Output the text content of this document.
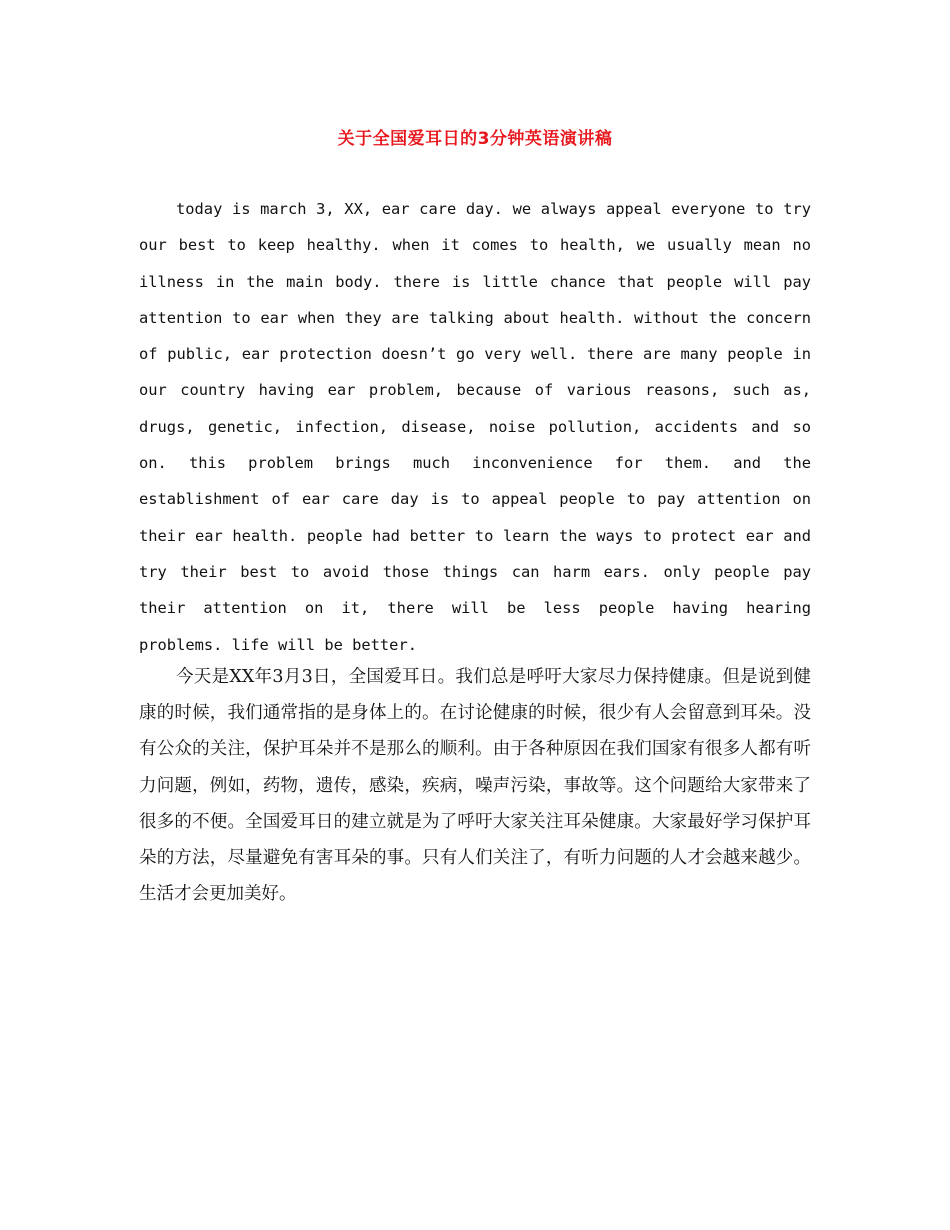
关于全国爱耳日的3分钟英语演讲稿

today is march 3, XX, ear care day. we always appeal everyone to try our best to keep healthy. when it comes to health, we usually mean no illness in the main body. there is little chance that people will pay attention to ear when they are talking about health. without the concern of public, ear protection doesn’t go very well. there are many people in our country having ear problem, because of various reasons, such as, drugs, genetic, infection, disease, noise pollution, accidents and so on. this problem brings much inconvenience for them. and the establishment of ear care day is to appeal people to pay attention on their ear health. people had better to learn the ways to protect ear and try their best to avoid those things can harm ears. only people pay their attention on it, there will be less people having hearing problems. life will be better.

今天是XX年3月3日，全国爱耳日。我们总是呼吁大家尽力保持健康。但是说到健康的时候，我们通常指的是身体上的。在讨论健康的时候，很少有人会留意到耳朵。没有公众的关注，保护耳朵并不是那么的顺利。由于各种原因在我们国家有很多人都有听力问题，例如，药物，遗传，感染，疾病，噪声污染，事故等。这个问题给大家带来了很多的不便。全国爱耳日的建立就是为了呼吁大家关注耳朵健康。大家最好学习保护耳朵的方法，尽量避免有害耳朵的事。只有人们关注了，有听力问题的人才会越来越少。生活才会更加美好。
